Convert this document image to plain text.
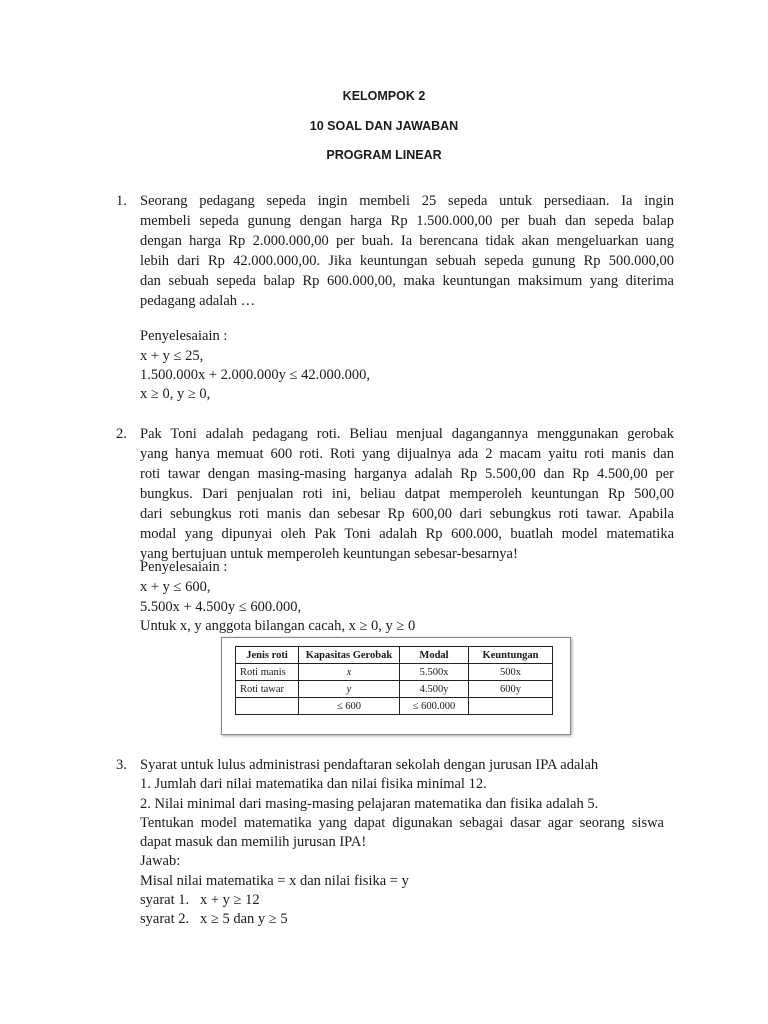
KELOMPOK 2
10 SOAL DAN JAWABAN
PROGRAM LINEAR
1. Seorang pedagang sepeda ingin membeli 25 sepeda untuk persediaan. Ia ingin
membeli sepeda gunung dengan harga Rp 1.500.000,00 per buah dan sepeda balap
dengan harga Rp 2.000.000,00 per buah. Ia berencana tidak akan mengeluarkan uang
lebih dari Rp 42.000.000,00. Jika keuntungan sebuah sepeda gunung Rp 500.000,00
dan sebuah sepeda balap Rp 600.000,00, maka keuntungan maksimum yang diterima
pedagang adalah …
Penyelesaiain :
x + y ≤ 25,
1.500.000x + 2.000.000y ≤ 42.000.000,
x ≥ 0, y ≥ 0,
2. Pak Toni adalah pedagang roti. Beliau menjual dagangannya menggunakan gerobak
yang hanya memuat 600 roti. Roti yang dijualnya ada 2 macam yaitu roti manis dan
roti tawar dengan masing-masing harganya adalah Rp 5.500,00 dan Rp 4.500,00 per
bungkus. Dari penjualan roti ini, beliau datpat memperoleh keuntungan Rp 500,00
dari sebungkus roti manis dan sebesar Rp 600,00 dari sebungkus roti tawar. Apabila
modal yang dipunyai oleh Pak Toni adalah Rp 600.000, buatlah model matematika
yang bertujuan untuk memperoleh keuntungan sebesar-besarnya!
Penyelesaiain :
x + y ≤ 600,
5.500x + 4.500y ≤ 600.000,
Untuk x, y anggota bilangan cacah, x ≥ 0, y ≥ 0
Jenis roti	Kapasitas Gerobak	Modal	Keuntungan
Roti manis	x	5.500x	500x
Roti tawar	y	4.500y	600y
	≤ 600	≤ 600.000	
3. Syarat untuk lulus administrasi pendaftaran sekolah dengan jurusan IPA adalah
1. Jumlah dari nilai matematika dan nilai fisika minimal 12.
2. Nilai minimal dari masing-masing pelajaran matematika dan fisika adalah 5.
Tentukan model matematika yang dapat digunakan sebagai dasar agar seorang siswa
dapat masuk dan memilih jurusan IPA!
Jawab:
Misal nilai matematika = x dan nilai fisika = y
syarat 1.   x + y ≥ 12
syarat 2.   x ≥ 5 dan y ≥ 5
